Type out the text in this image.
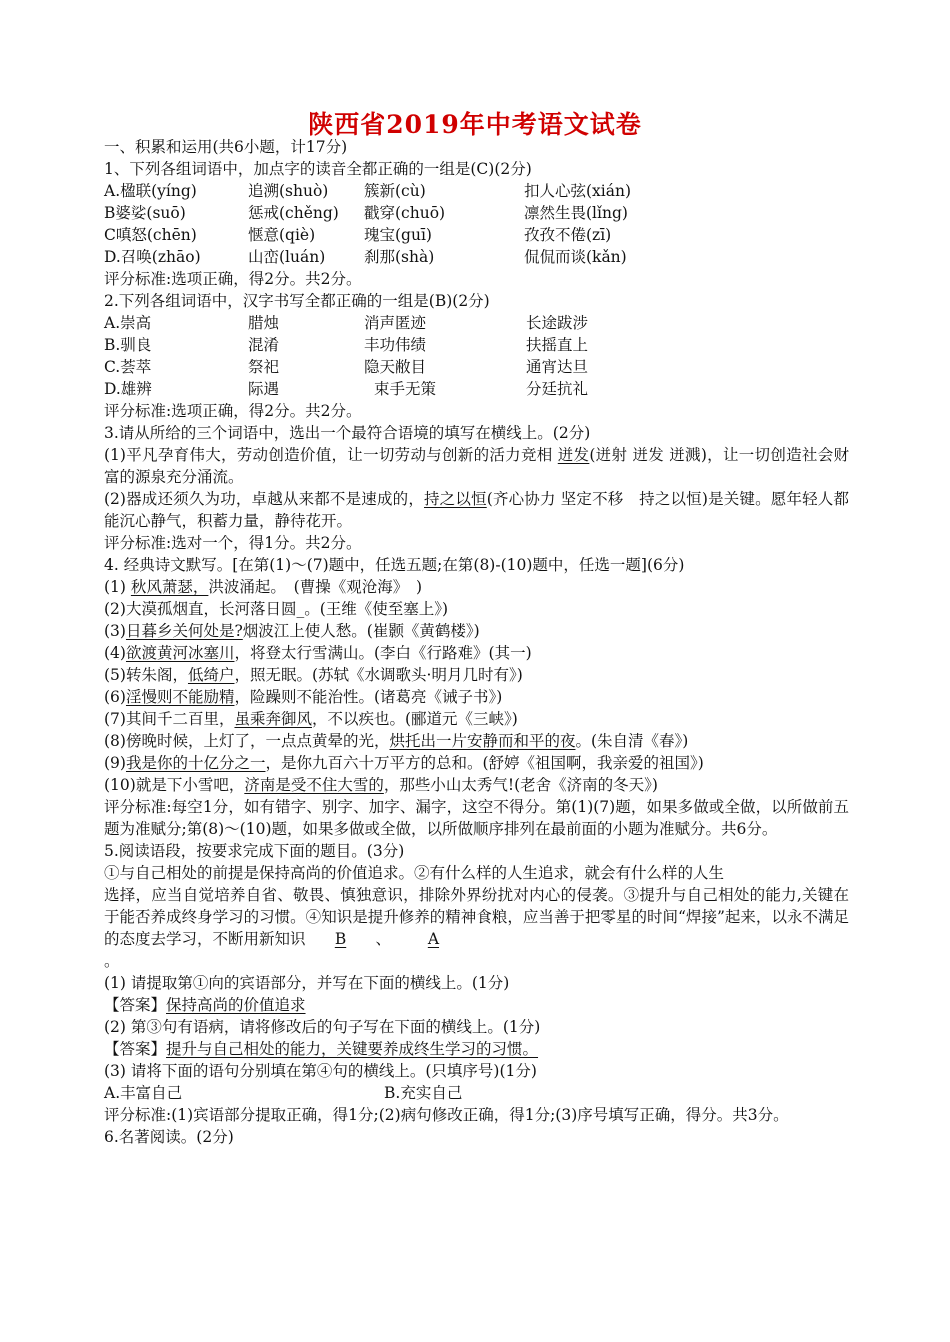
陕西省2019年中考语文试卷
一、积累和运用(共6小题，计17分)
1、下列各组词语中，加点字的读音全都正确的一组是(C)(2分)
A.楹联(yíng)	追溯(shuò)	簇新(cù)	扣人心弦(xián)
B婆娑(suō)	惩戒(chěng)	戳穿(chuō)	凛然生畏(lǐng)
C嗔怒(chēn)	惬意(qiè)	瑰宝(guī)	孜孜不倦(zī)
D.召唤(zhāo)	山峦(luán)	刹那(shà)	侃侃而谈(kǎn)
评分标准:选项正确，得2分。共2分。
2.下列各组词语中，汉字书写全都正确的一组是(B)(2分)
A.崇高	腊烛	消声匿迹	长途跋涉
B.驯良	混淆	丰功伟绩	扶摇直上
C.荟萃	祭祀	隐天敝目	通宵达旦
D.雄辨	际遇	束手无策	分廷抗礼
评分标准:选项正确，得2分。共2分。
3.请从所给的三个词语中，选出一个最符合语境的填写在横线上。(2分)
(1)平凡孕育伟大，劳动创造价值，让一切劳动与创新的活力竞相 迸发(迸射 迸发 迸溅)，让一切创造社会财富的源泉充分涌流。
(2)器成还须久为功，卓越从来都不是速成的，持之以恒(齐心协力 坚定不移　持之以恒)是关键。愿年轻人都能沉心静气，积蓄力量，静待花开。
评分标准:选对一个，得1分。共2分。
4. 经典诗文默写。[在第(1)～(7)题中，任选五题;在第(8)-(10)题中，任选一题](6分)
(1) 秋风萧瑟，洪波涌起。　(曹操《观沧海》　)
(2)大漠孤烟直，长河落日圆_。(王维《使至塞上》)
(3)日暮乡关何处是?烟波江上使人愁。(崔颢《黄鹤楼》)
(4)欲渡黄河冰塞川，将登太行雪满山。(李白《行路难》(其一)
(5)转朱阁，低绮户，照无眠。(苏轼《水调歌头·明月几时有》)
(6)淫慢则不能励精，险躁则不能治性。(诸葛亮《诫子书》)
(7)其间千二百里，虽乘奔御风，不以疾也。(郦道元《三峡》)
(8)傍晚时候，上灯了，一点点黄晕的光，烘托出一片安静而和平的夜。(朱自清《春》)
(9)我是你的十亿分之一，是你九百六十万平方的总和。(舒婷《祖国啊，我亲爱的祖国》)
(10)就是下小雪吧，济南是受不住大雪的，那些小山太秀气!(老舍《济南的冬天》)
评分标准:每空1分，如有错字、别字、加字、漏字，这空不得分。第(1)(7)题，如果多做或全做，以所做前五题为准赋分;第(8)～(10)题，如果多做或全做，以所做顺序排列在最前面的小题为准赋分。共6分。
5.阅读语段，按要求完成下面的题目。(3分)
①与自己相处的前提是保持高尚的价值追求。②有什么样的人生追求，就会有什么样的人生
选择，应当自觉培养自省、敬畏、慎独意识，排除外界纷扰对内心的侵袭。③提升与自己相处的能力,关键在于能否养成终身学习的习惯。④知识是提升修养的精神食粮，应当善于把零星的时间“焊接”起来，以永不满足的态度去学习，不断用新知识 B 、 A
。
(1) 请提取第①向的宾语部分，并写在下面的横线上。(1分)
【答案】保持高尚的价值追求
(2) 第③句有语病，请将修改后的句子写在下面的横线上。(1分)
【答案】提升与自己相处的能力，关键要养成终生学习的习惯。
(3) 请将下面的语句分别填在第④句的横线上。(只填序号)(1分)
A.丰富自己	B.充实自己
评分标准:(1)宾语部分提取正确，得1分;(2)病句修改正确，得1分;(3)序号填写正确，得分。共3分。
6.名著阅读。(2分)
